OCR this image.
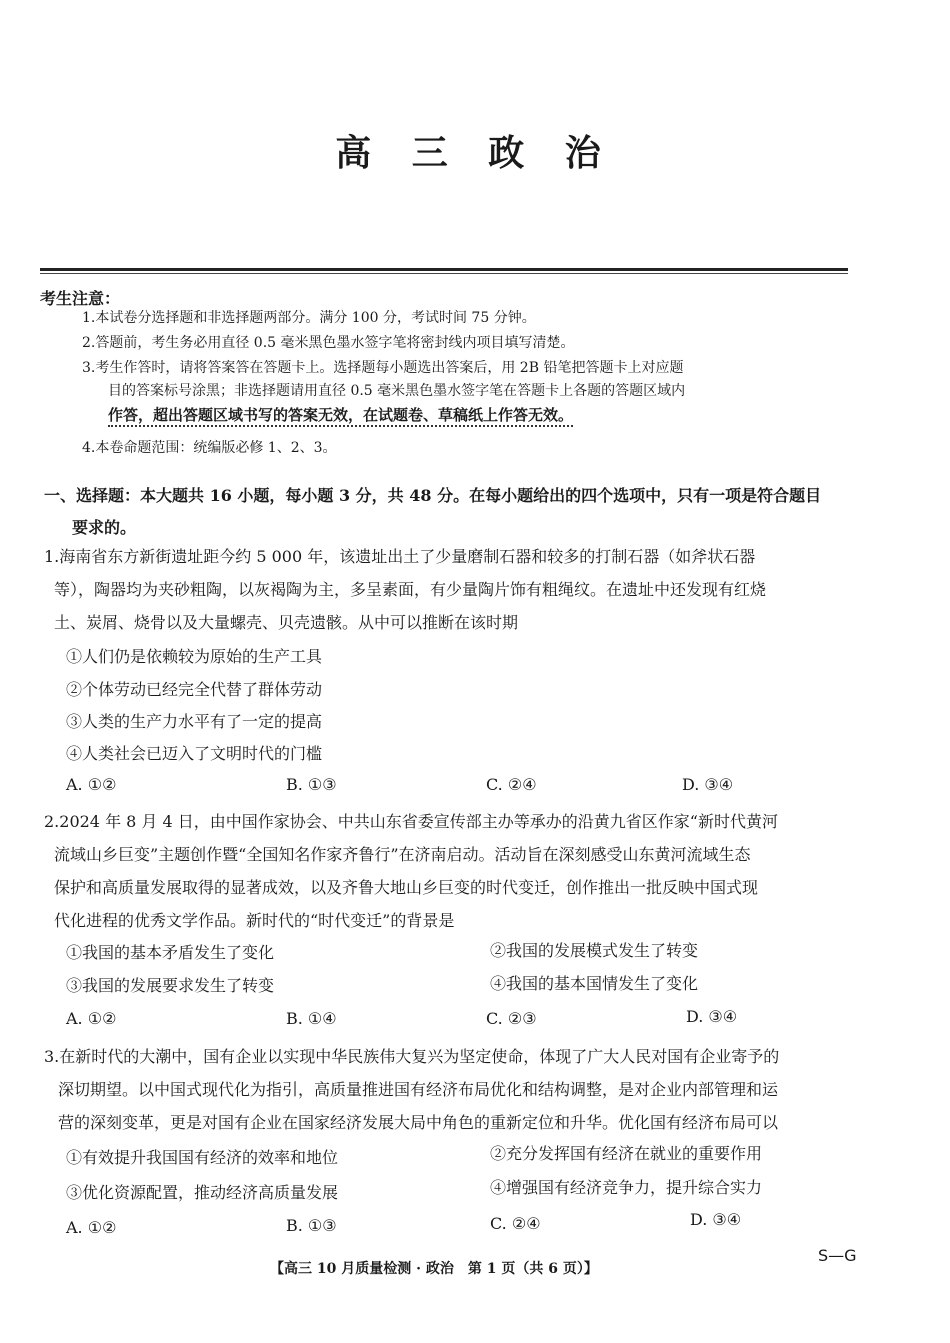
高 三 政 治
考生注意：
1.本试卷分选择题和非选择题两部分。满分 100 分，考试时间 75 分钟。
2.答题前，考生务必用直径 0.5 毫米黑色墨水签字笔将密封线内项目填写清楚。
3.考生作答时，请将答案答在答题卡上。选择题每小题选出答案后，用 2B 铅笔把答题卡上对应题
目的答案标号涂黑；非选择题请用直径 0.5 毫米黑色墨水签字笔在答题卡上各题的答题区域内
作答，超出答题区域书写的答案无效，在试题卷、草稿纸上作答无效。
4.本卷命题范围：统编版必修 1、2、3。
一、选择题：本大题共 16 小题，每小题 3 分，共 48 分。在每小题给出的四个选项中，只有一项是符合题目
要求的。
1.海南省东方新街遗址距今约 5 000 年，该遗址出土了少量磨制石器和较多的打制石器（如斧状石器
等），陶器均为夹砂粗陶，以灰褐陶为主，多呈素面，有少量陶片饰有粗绳纹。在遗址中还发现有红烧
土、炭屑、烧骨以及大量螺壳、贝壳遗骸。从中可以推断在该时期
①人们仍是依赖较为原始的生产工具
②个体劳动已经完全代替了群体劳动
③人类的生产力水平有了一定的提高
④人类社会已迈入了文明时代的门槛
A. ①②	B. ①③	C. ②④	D. ③④
2.2024 年 8 月 4 日，由中国作家协会、中共山东省委宣传部主办等承办的沿黄九省区作家“新时代黄河
流域山乡巨变”主题创作暨“全国知名作家齐鲁行”在济南启动。活动旨在深刻感受山东黄河流域生态
保护和高质量发展取得的显著成效，以及齐鲁大地山乡巨变的时代变迁，创作推出一批反映中国式现
代化进程的优秀文学作品。新时代的“时代变迁”的背景是
①我国的基本矛盾发生了变化	②我国的发展模式发生了转变
③我国的发展要求发生了转变	④我国的基本国情发生了变化
A. ①②	B. ①④	C. ②③	D. ③④
3.在新时代的大潮中，国有企业以实现中华民族伟大复兴为坚定使命，体现了广大人民对国有企业寄予的
深切期望。以中国式现代化为指引，高质量推进国有经济布局优化和结构调整，是对企业内部管理和运
营的深刻变革，更是对国有企业在国家经济发展大局中角色的重新定位和升华。优化国有经济布局可以
①有效提升我国国有经济的效率和地位	②充分发挥国有经济在就业的重要作用
③优化资源配置，推动经济高质量发展	④增强国有经济竞争力，提升综合实力
A. ①②	B. ①③	C. ②④	D. ③④
【高三 10 月质量检测 · 政治　第 1 页（共 6 页）】
S—G
